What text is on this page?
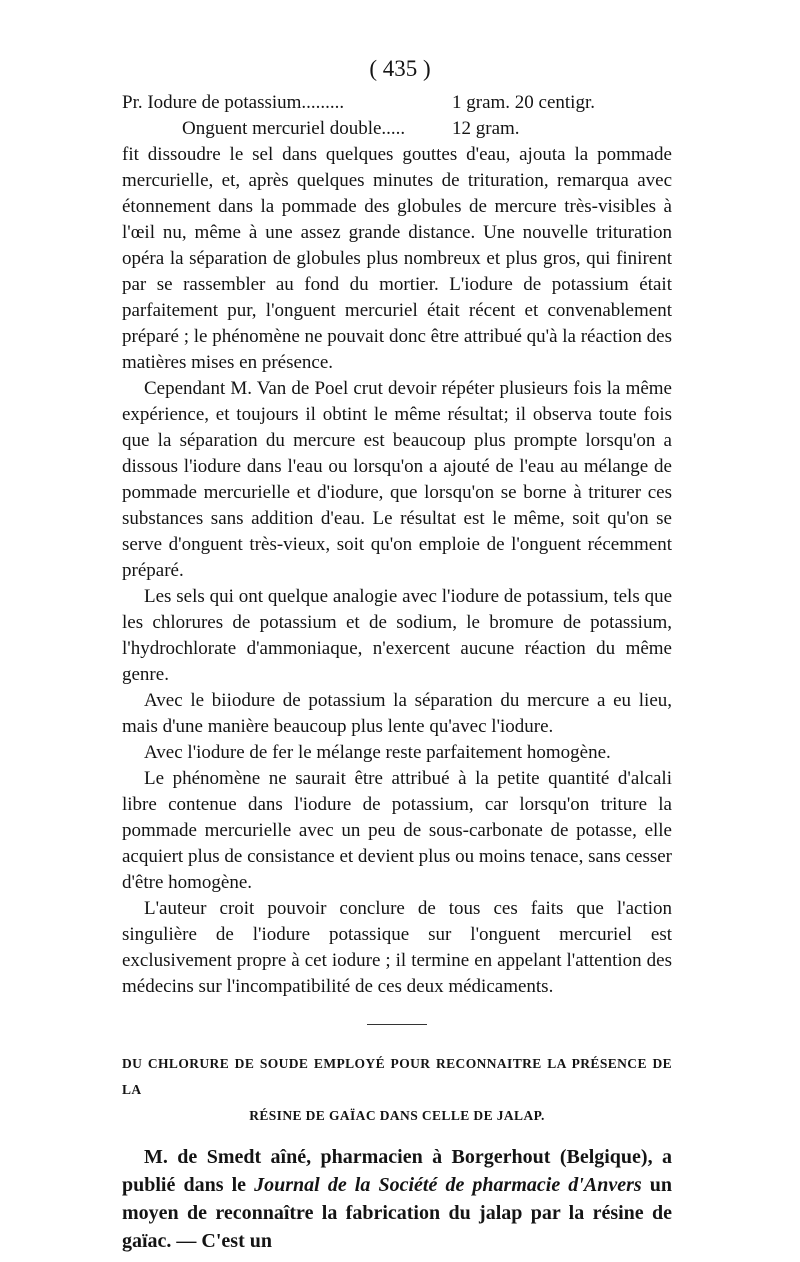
( 435 )
Pr. Iodure de potassium.........	1 gram. 20 centigr.
Onguent mercuriel double.....	12 gram.

fit dissoudre le sel dans quelques gouttes d'eau, ajouta la pommade mercurielle, et, après quelques minutes de trituration, remarqua avec étonnement dans la pommade des globules de mercure très-visibles à l'œil nu, même à une assez grande distance. Une nouvelle trituration opéra la séparation de globules plus nombreux et plus gros, qui finirent par se rassembler au fond du mortier. L'iodure de potassium était parfaitement pur, l'onguent mercuriel était récent et convenablement préparé ; le phénomène ne pouvait donc être attribué qu'à la réaction des matières mises en présence.

Cependant M. Van de Poel crut devoir répéter plusieurs fois la même expérience, et toujours il obtint le même résultat; il observa toute fois que la séparation du mercure est beaucoup plus prompte lorsqu'on a dissous l'iodure dans l'eau ou lorsqu'on a ajouté de l'eau au mélange de pommade mercurielle et d'iodure, que lorsqu'on se borne à triturer ces substances sans addition d'eau. Le résultat est le même, soit qu'on se serve d'onguent très-vieux, soit qu'on emploie de l'onguent récemment préparé.

Les sels qui ont quelque analogie avec l'iodure de potassium, tels que les chlorures de potassium et de sodium, le bromure de potassium, l'hydrochlorate d'ammoniaque, n'exercent aucune réaction du même genre.

Avec le biiodure de potassium la séparation du mercure a eu lieu, mais d'une manière beaucoup plus lente qu'avec l'iodure.

Avec l'iodure de fer le mélange reste parfaitement homogène.

Le phénomène ne saurait être attribué à la petite quantité d'alcali libre contenue dans l'iodure de potassium, car lorsqu'on triture la pommade mercurielle avec un peu de sous-carbonate de potasse, elle acquiert plus de consistance et devient plus ou moins tenace, sans cesser d'être homogène.

L'auteur croit pouvoir conclure de tous ces faits que l'action singulière de l'iodure potassique sur l'onguent mercuriel est exclusivement propre à cet iodure ; il termine en appelant l'attention des médecins sur l'incompatibilité de ces deux médicaments.

DU CHLORURE DE SOUDE EMPLOYÉ POUR RECONNAITRE LA PRÉSENCE DE LA
RÉSINE DE GAÏAC DANS CELLE DE JALAP.

M. de Smedt aîné, pharmacien à Borgerhout (Belgique), a publié dans le Journal de la Société de pharmacie d'Anvers un moyen de reconnaître la fabrication du jalap par la résine de gaïac. — C'est un
